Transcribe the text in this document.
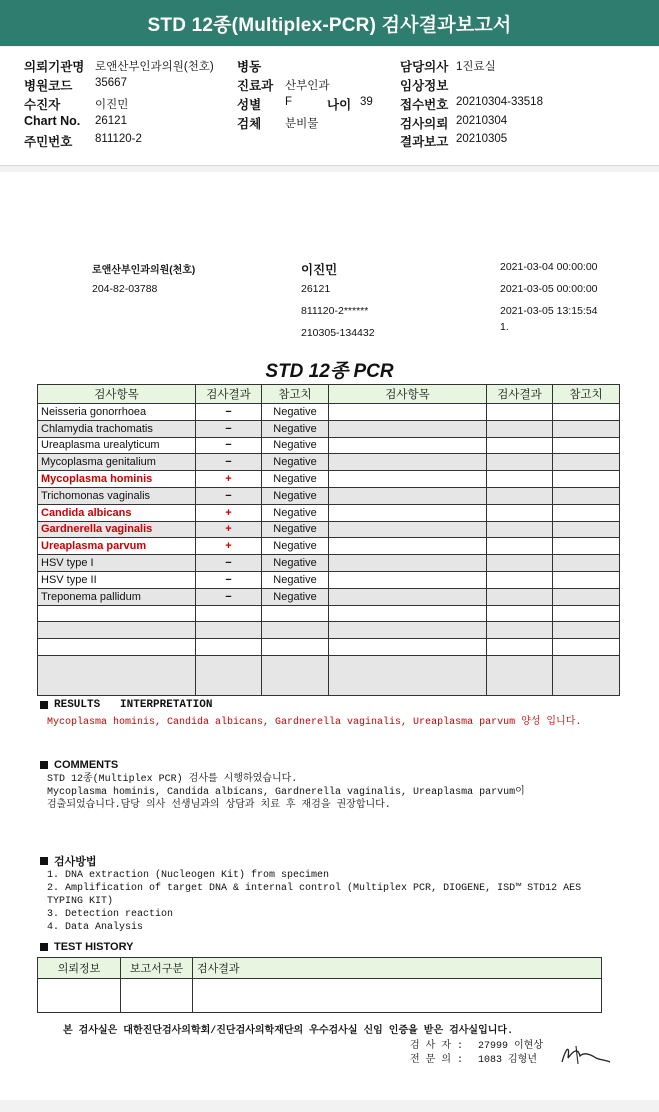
STD 12종(Multiplex-PCR) 검사결과보고서
의뢰기관명 로앤산부인과의원(천호)
병원코드 35667
수진자	이진민
Chart No. 26121
주민번호 811120-2
병동
진료과 산부인과
성별 F
검체 분비물
나이 39
담당의사 1진료실
임상정보
접수번호 20210304-33518
검사의뢰 20210304
결과보고 20210305
로앤산부인과의원(천호)
204-82-03788
이진민
26121
811120-2******
210305-134432
2021-03-04 00:00:00
2021-03-05 00:00:00
2021-03-05 13:15:54
1.
STD 12종 PCR
검사항목	검사결과	참고치	검사항목	검사결과	참고치
Neisseria gonorrhoea	−	Negative			
Chlamydia trachomatis	−	Negative			
Ureaplasma urealyticum	−	Negative			
Mycoplasma genitalium	−	Negative			
Mycoplasma hominis	+	Negative			
Trichomonas vaginalis	−	Negative			
Candida albicans	+	Negative			
Gardnerella vaginalis	+	Negative			
Ureaplasma parvum	+	Negative			
HSV type I	−	Negative			
HSV type II	−	Negative			
Treponema pallidum	−	Negative			

RESULTS   INTERPRETATION
Mycoplasma hominis, Candida albicans, Gardnerella vaginalis, Ureaplasma parvum 양성 입니다.
COMMENTS
STD 12종(Multiplex PCR) 검사를 시행하였습니다.
Mycoplasma hominis, Candida albicans, Gardnerella vaginalis, Ureaplasma parvum이
검출되었습니다.담당 의사 선생님과의 상담과 치료 후 재검을 권장합니다.
검사방법
1. DNA extraction (Nucleogen Kit) from specimen
2. Amplification of target DNA & internal control (Multiplex PCR, DIOGENE, ISD™ STD12 AES
TYPING KIT)
3. Detection reaction
4. Data Analysis
TEST HISTORY
의뢰정보	보고서구분	검사결과

본 검사실은 대한진단검사의학회/진단검사의학재단의 우수검사실 신임 인증을 받은 검사실입니다.
검 사 자 : 27999 이현상
전 문 의 : 1083 김형년
